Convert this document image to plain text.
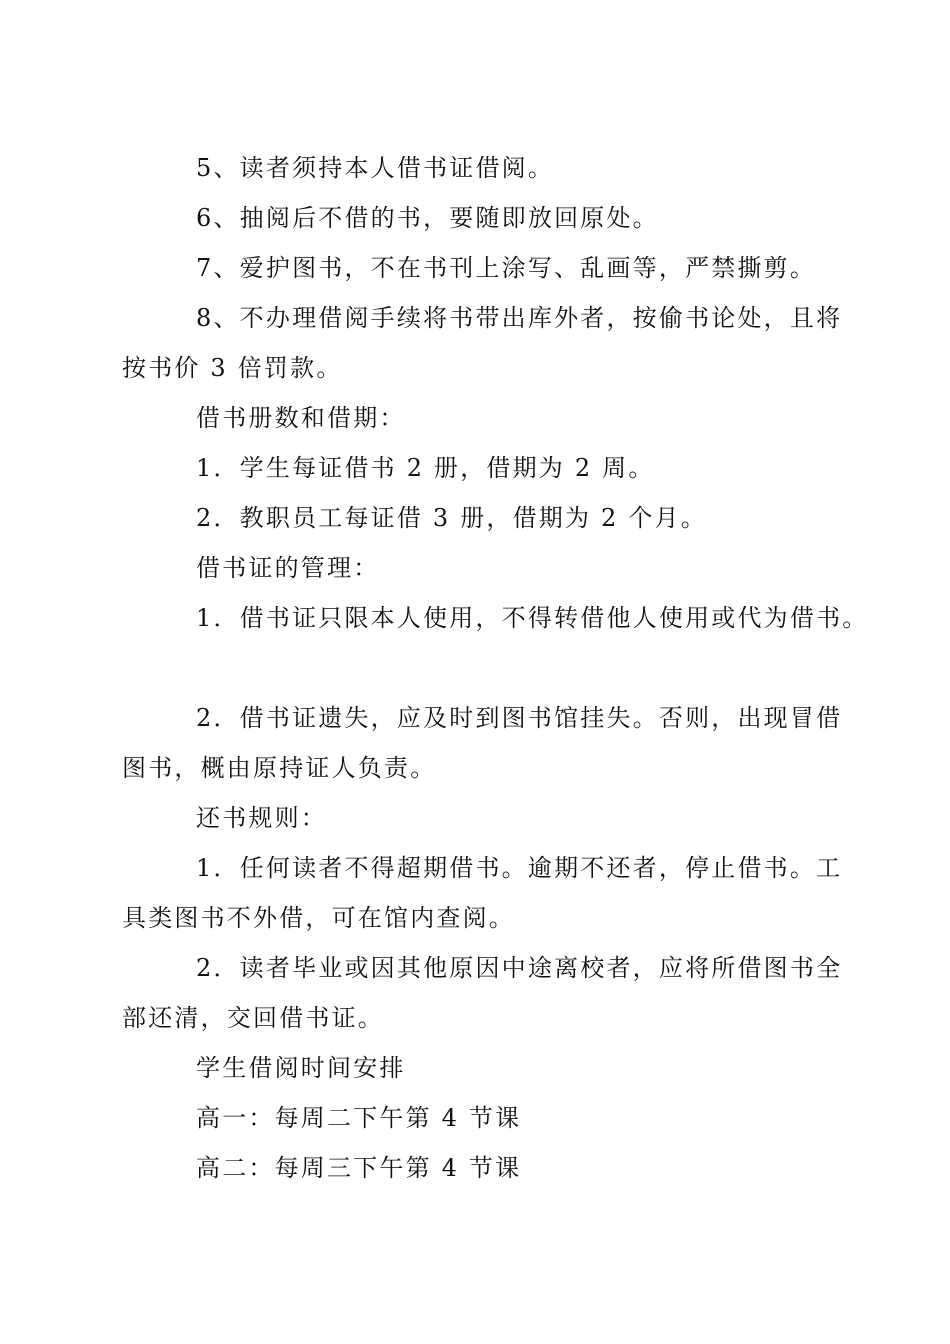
5、读者须持本人借书证借阅。

6、抽阅后不借的书，要随即放回原处。

7、爱护图书，不在书刊上涂写、乱画等，严禁撕剪。

8、不办理借阅手续将书带出库外者，按偷书论处，且将

按书价 3 倍罚款。

借书册数和借期：

1．学生每证借书 2 册，借期为 2 周。

2．教职员工每证借 3 册，借期为 2 个月。

借书证的管理：

1．借书证只限本人使用，不得转借他人使用或代为借书。

2．借书证遗失，应及时到图书馆挂失。否则，出现冒借

图书，概由原持证人负责。

还书规则：

1．任何读者不得超期借书。逾期不还者，停止借书。工

具类图书不外借，可在馆内查阅。

2．读者毕业或因其他原因中途离校者，应将所借图书全

部还清，交回借书证。

学生借阅时间安排

高一：每周二下午第 4 节课

高二：每周三下午第 4 节课
